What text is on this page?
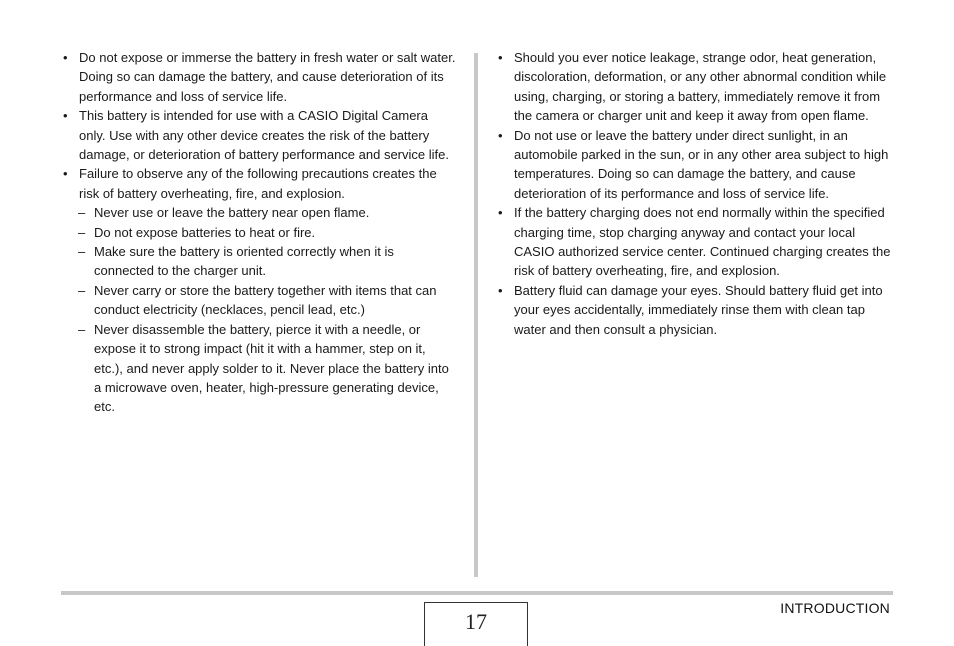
• Do not expose or immerse the battery in fresh water or salt water. Doing so can damage the battery, and cause deterioration of its performance and loss of service life.
• This battery is intended for use with a CASIO Digital Camera only. Use with any other device creates the risk of the battery damage, or deterioration of battery performance and service life.
• Failure to observe any of the following precautions creates the risk of battery overheating, fire, and explosion.
– Never use or leave the battery near open flame.
– Do not expose batteries to heat or fire.
– Make sure the battery is oriented correctly when it is connected to the charger unit.
– Never carry or store the battery together with items that can conduct electricity (necklaces, pencil lead, etc.)
– Never disassemble the battery, pierce it with a needle, or expose it to strong impact (hit it with a hammer, step on it, etc.), and never apply solder to it. Never place the battery into a microwave oven, heater, high-pressure generating device, etc.
• Should you ever notice leakage, strange odor, heat generation, discoloration, deformation, or any other abnormal condition while using, charging, or storing a battery, immediately remove it from the camera or charger unit and keep it away from open flame.
• Do not use or leave the battery under direct sunlight, in an automobile parked in the sun, or in any other area subject to high temperatures. Doing so can damage the battery, and cause deterioration of its performance and loss of service life.
• If the battery charging does not end normally within the specified charging time, stop charging anyway and contact your local CASIO authorized service center. Continued charging creates the risk of battery overheating, fire, and explosion.
• Battery fluid can damage your eyes. Should battery fluid get into your eyes accidentally, immediately rinse them with clean tap water and then consult a physician.
17
INTRODUCTION
